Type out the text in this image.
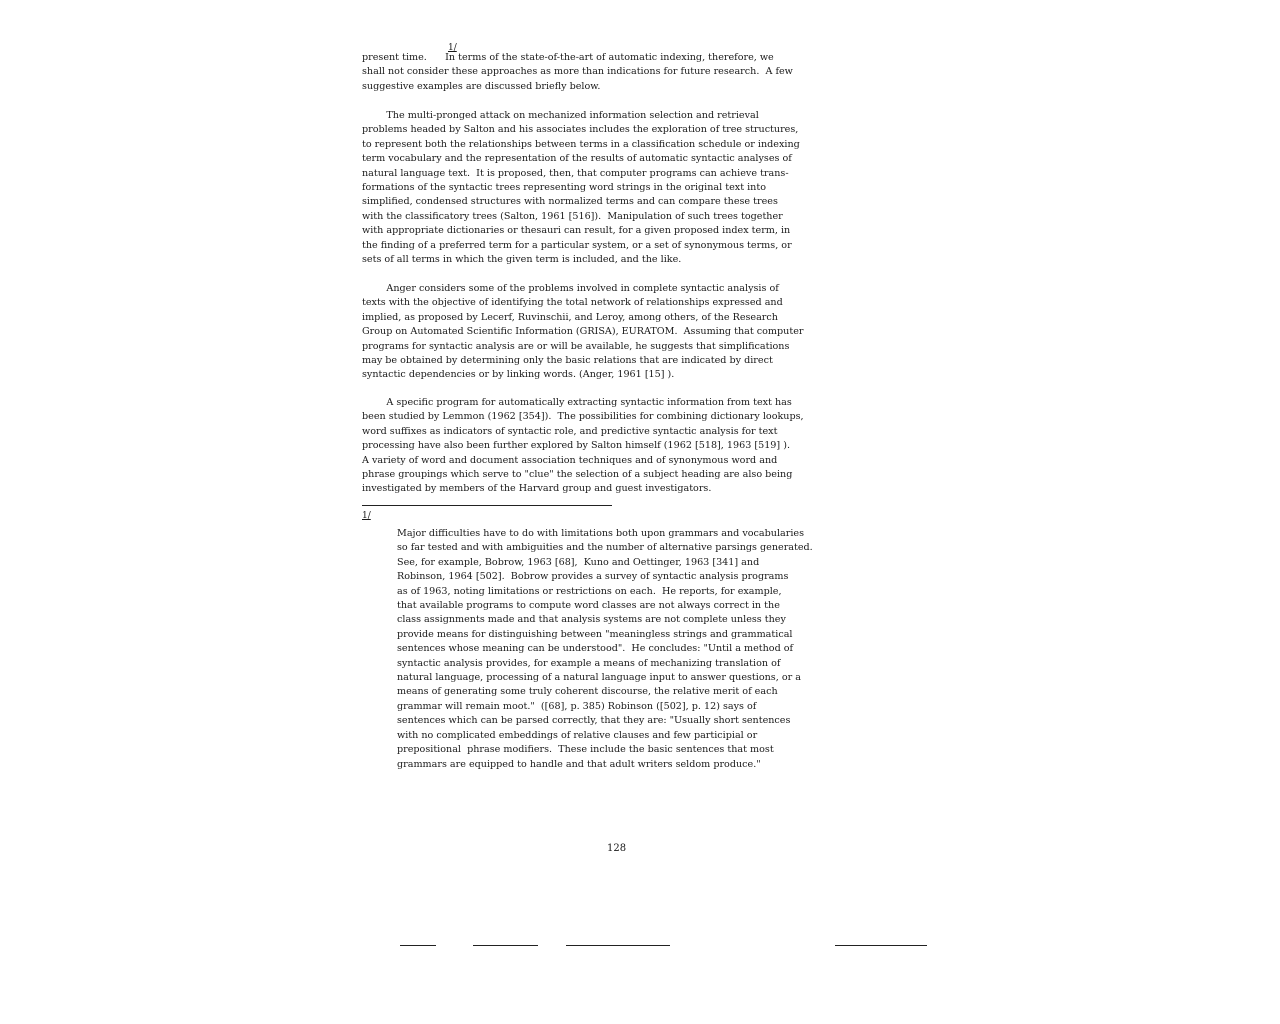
present time.      In terms of the state-of-the-art of automatic indexing, therefore, we
shall not consider these approaches as more than indications for future research.  A few
suggestive examples are discussed briefly below.
1/
The multi-pronged attack on mechanized information selection and retrieval
problems headed by Salton and his associates includes the exploration of tree structures,
to represent both the relationships between terms in a classification schedule or indexing
term vocabulary and the representation of the results of automatic syntactic analyses of
natural language text.  It is proposed, then, that computer programs can achieve trans-
formations of the syntactic trees representing word strings in the original text into
simplified, condensed structures with normalized terms and can compare these trees
with the classificatory trees (Salton, 1961 [516]).  Manipulation of such trees together
with appropriate dictionaries or thesauri can result, for a given proposed index term, in
the finding of a preferred term for a particular system, or a set of synonymous terms, or
sets of all terms in which the given term is included, and the like.
Anger considers some of the problems involved in complete syntactic analysis of
texts with the objective of identifying the total network of relationships expressed and
implied, as proposed by Lecerf, Ruvinschii, and Leroy, among others, of the Research
Group on Automated Scientific Information (GRISA), EURATOM.  Assuming that computer
programs for syntactic analysis are or will be available, he suggests that simplifications
may be obtained by determining only the basic relations that are indicated by direct
syntactic dependencies or by linking words. (Anger, 1961 [15] ).
A specific program for automatically extracting syntactic information from text has
been studied by Lemmon (1962 [354]).  The possibilities for combining dictionary lookups,
word suffixes as indicators of syntactic role, and predictive syntactic analysis for text
processing have also been further explored by Salton himself (1962 [518], 1963 [519] ).
A variety of word and document association techniques and of synonymous word and
phrase groupings which serve to "clue" the selection of a subject heading are also being
investigated by members of the Harvard group and guest investigators.
1/
Major difficulties have to do with limitations both upon grammars and vocabularies
so far tested and with ambiguities and the number of alternative parsings generated.
See, for example, Bobrow, 1963 [68],  Kuno and Oettinger, 1963 [341] and
Robinson, 1964 [502].  Bobrow provides a survey of syntactic analysis programs
as of 1963, noting limitations or restrictions on each.  He reports, for example,
that available programs to compute word classes are not always correct in the
class assignments made and that analysis systems are not complete unless they
provide means for distinguishing between "meaningless strings and grammatical
sentences whose meaning can be understood".  He concludes: "Until a method of
syntactic analysis provides, for example a means of mechanizing translation of
natural language, processing of a natural language input to answer questions, or a
means of generating some truly coherent discourse, the relative merit of each
grammar will remain moot."  ([68], p. 385) Robinson ([502], p. 12) says of
sentences which can be parsed correctly, that they are: "Usually short sentences
with no complicated embeddings of relative clauses and few participial or
prepositional  phrase modifiers.  These include the basic sentences that most
grammars are equipped to handle and that adult writers seldom produce."
128
